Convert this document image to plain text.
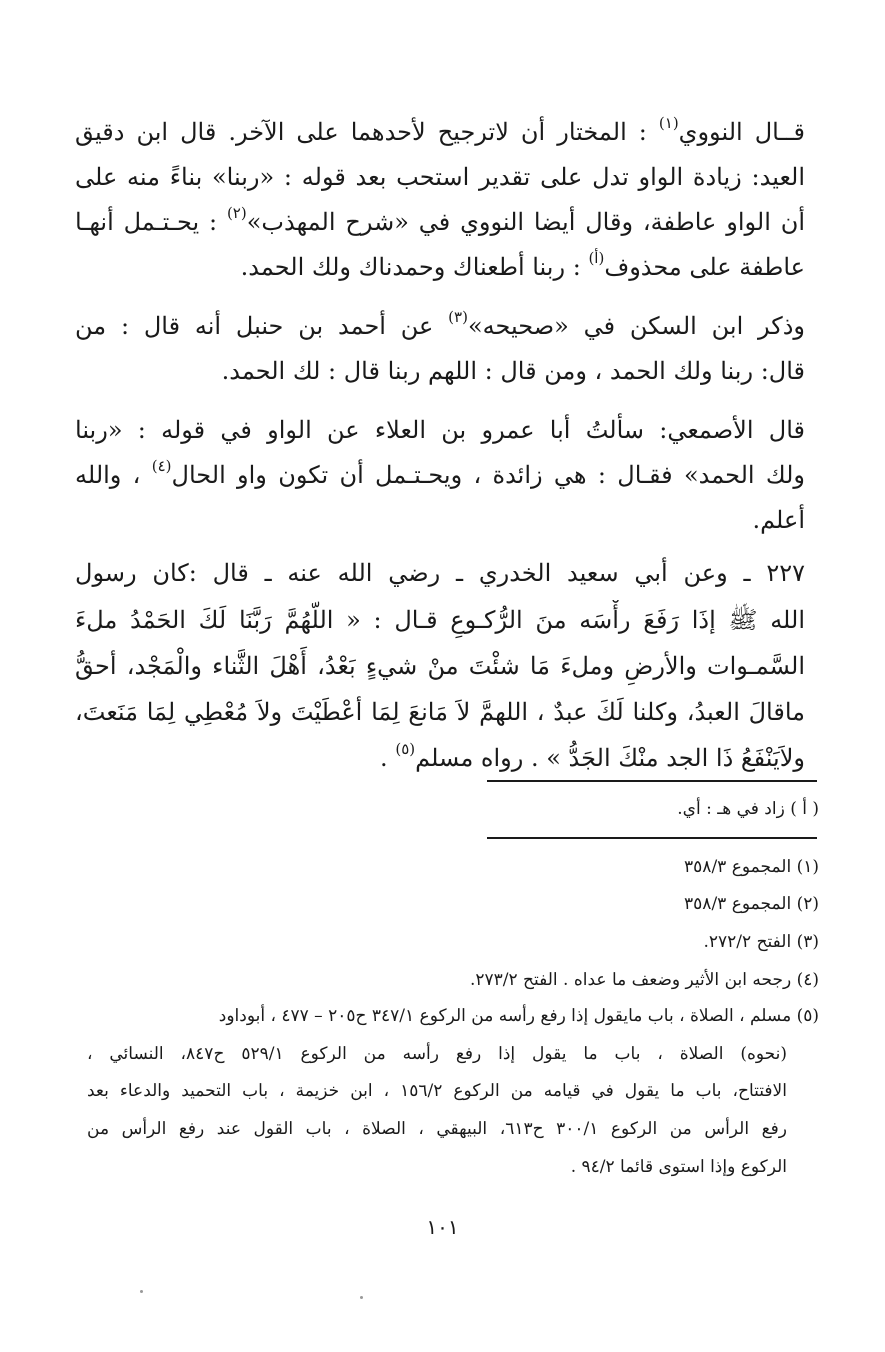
قــال النووي$^{(١)}$ : المختار أن لاترجيح لأحدهما على الآخر. قال ابن دقيق
العيد: زيادة الواو تدل على تقدير استحب بعد قوله : «ربنا» بناءً منه على
أن الواو عاطفة، وقال أيضا النووي في «شرح المهذب»$^{(٢)}$ : يحـتـمل أنهـا
عاطفة على محذوف$^{(أ)}$ : ربنا أطعناك وحمدناك ولك الحمد.
وذكر ابن السكن في «صحيحه»$^{(٣)}$ عن أحمد بن حنبل أنه قال : من
قال: ربنا ولك الحمد ، ومن قال : اللهم ربنا قال : لك الحمد.
قال الأصمعي: سألتُ أبا عمرو بن العلاء عن الواو في قوله : «ربنا
ولك الحمد» فقـال : هي زائدة ، ويحـتـمل أن تكون واو الحال$^{(٤)}$ ، والله
أعلم.
٢٢٧ ـ وعن أبي سعيد الخدري ـ رضي الله عنه ـ قال :كان رسول
الله ﷺ إذَا رَفَعَ رأْسَه منَ الرُّكـوعِ قـال : « اللّهُمَّ رَبَّنَا لَكَ الحَمْدُ ملءَ
السَّمـوات والأرضِ وملءَ مَا شئْتَ منْ شيءٍ بَعْدُ، أَهْلَ الثَّناء والْمَجْد، أحقُّ
ماقالَ العبدُ، وكلنا لَكَ عبدٌ ، اللهمَّ لاَ مَانعَ لِمَا أعْطَيْتَ ولاَ مُعْطِي لِمَا مَنَعتَ،
ولاَيَنْفَعُ ذَا الجد منْكَ الجَدُّ » . رواه مسلم$^{(٥)}$ .
( أ ) زاد في هـ : أي.
(١) المجموع ٣٥٨/٣
(٢) المجموع ٣٥٨/٣
(٣) الفتح ٢٧٢/٢.
(٤) رجحه ابن الأثير وضعف ما عداه . الفتح ٢٧٣/٢.
(٥) مسلم ، الصلاة ، باب مايقول إذا رفع رأسه من الركوع ٣٤٧/١ ح٢٠٥ – ٤٧٧ ، أبوداود
(نحوه) الصلاة ، باب ما يقول إذا رفع رأسه من الركوع ٥٢٩/١ ح٨٤٧، النسائي ،
الافتتاح، باب ما يقول في قيامه من الركوع ١٥٦/٢ ، ابن خزيمة ، باب التحميد والدعاء بعد
رفع الرأس من الركوع ٣٠٠/١ ح٦١٣، البيهقي ، الصلاة ، باب القول عند رفع الرأس من
الركوع وإذا استوى قائما ٩٤/٢ .
١٠١
